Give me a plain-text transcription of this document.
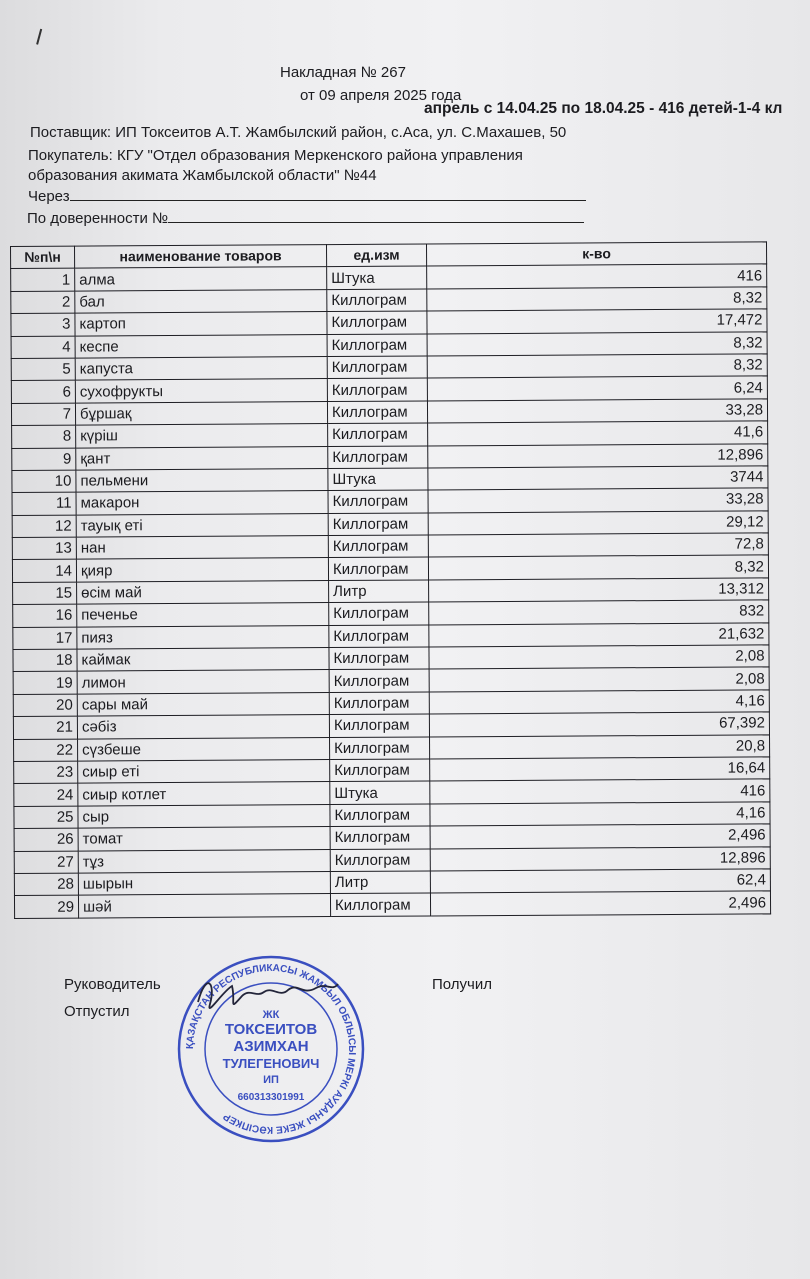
Накладная № 267
от 09 апреля 2025 года
апрель с 14.04.25 по 18.04.25 - 416 детей-1-4 кл
Поставщик: ИП Токсеитов А.Т. Жамбылский район, с.Аса, ул. С.Махашев, 50
Покупатель: КГУ "Отдел образования Меркенского района управления
образования акимата Жамбылской области" №44
Через
По доверенности №
№п\н	наименование товаров	ед.изм	к-во
1	алма	Штука	416
2	бал	Киллограм	8,32
3	картоп	Киллограм	17,472
4	кеспе	Киллограм	8,32
5	капуста	Киллограм	8,32
6	сухофрукты	Киллограм	6,24
7	бұршақ	Киллограм	33,28
8	күріш	Киллограм	41,6
9	қант	Киллограм	12,896
10	пельмени	Штука	3744
11	макарон	Киллограм	33,28
12	тауық еті	Киллограм	29,12
13	нан	Киллограм	72,8
14	қияр	Киллограм	8,32
15	өсім май	Литр	13,312
16	печенье	Киллограм	832
17	пияз	Киллограм	21,632
18	каймак	Киллограм	2,08
19	лимон	Киллограм	2,08
20	сары май	Киллограм	4,16
21	сәбіз	Киллограм	67,392
22	сүзбеше	Киллограм	20,8
23	сиыр еті	Киллограм	16,64
24	сиыр котлет	Штука	416
25	сыр	Киллограм	4,16
26	томат	Киллограм	2,496
27	тұз	Киллограм	12,896
28	шырын	Литр	62,4
29	шәй	Киллограм	2,496
Руководитель	Получил
Отпустил
ҚАЗАҚСТАН РЕСПУБЛИКАСЫ ЖАМБЫЛ ОБЛЫСЫ МЕРКІ АУДАНЫ ЖЕКЕ КӘСІПКЕР
ЖК
ТОКСЕИТОВ
АЗИМХАН
ТУЛЕГЕНОВИЧ
ИП
660313301991
